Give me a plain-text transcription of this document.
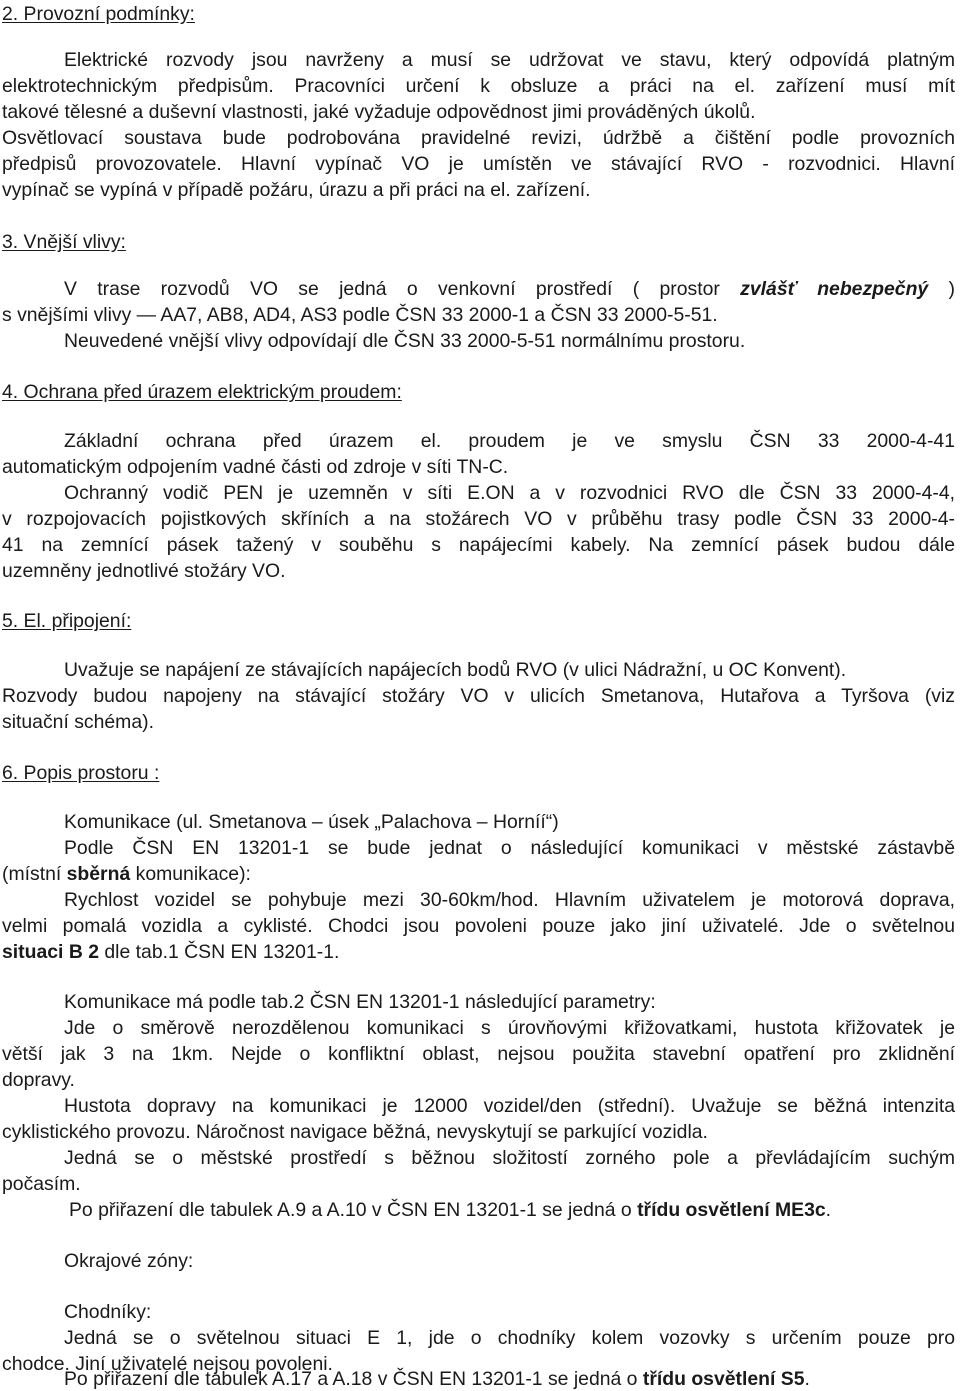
2. Provozní podmínky:
Elektrické rozvody jsou navrženy a musí se udržovat ve stavu, který odpovídá platným
elektrotechnickým předpisům. Pracovníci určení k obsluze a práci na el. zařízení musí mít
takové tělesné a duševní vlastnosti, jaké vyžaduje odpovědnost jimi prováděných úkolů.
Osvětlovací soustava bude podrobována pravidelné revizi, údržbě a čištění podle provozních
předpisů provozovatele. Hlavní vypínač VO je umístěn ve stávající RVO - rozvodnici. Hlavní
vypínač se vypíná v případě požáru, úrazu a při práci na el. zařízení.
3. Vnější vlivy:
V trase rozvodů VO se jedná o venkovní prostředí ( prostor zvlášť nebezpečný )
s vnějšími vlivy — AA7, AB8, AD4, AS3 podle ČSN 33 2000-1 a ČSN 33 2000-5-51.
Neuvedené vnější vlivy odpovídají dle ČSN 33 2000-5-51 normálnímu prostoru.
4. Ochrana před úrazem elektrickým proudem:
Základní ochrana před úrazem el. proudem je ve smyslu ČSN 33 2000-4-41
automatickým odpojením vadné části od zdroje v síti TN-C.
Ochranný vodič PEN je uzemněn v síti E.ON a v rozvodnici RVO dle ČSN 33 2000-4-4,
v rozpojovacích pojistkových skříních a na stožárech VO v průběhu trasy podle ČSN 33 2000-4-
41 na zemnící pásek tažený v souběhu s napájecími kabely. Na zemnící pásek budou dále
uzemněny jednotlivé stožáry VO.
5. El. připojení:
Uvažuje se napájení ze stávajících napájecích bodů RVO (v ulici Nádražní, u OC Konvent).
Rozvody budou napojeny na stávající stožáry VO v ulicích Smetanova, Hutařova a Tyršova (viz
situační schéma).
6. Popis prostoru :
Komunikace (ul. Smetanova – úsek „Palachova – Horníí“)
Podle ČSN EN 13201-1 se bude jednat o následující komunikaci v městské zástavbě
(místní sběrná komunikace):
Rychlost vozidel se pohybuje mezi 30-60km/hod. Hlavním uživatelem je motorová doprava,
velmi pomalá vozidla a cyklisté. Chodci jsou povoleni pouze jako jiní uživatelé. Jde o světelnou
situaci B 2 dle tab.1 ČSN EN 13201-1.
Komunikace má podle tab.2 ČSN EN 13201-1 následující parametry:
Jde o směrově nerozdělenou komunikaci s úrovňovými křižovatkami, hustota křižovatek je
větší jak 3 na 1km. Nejde o konfliktní oblast, nejsou použita stavební opatření pro zklidnění
dopravy.
Hustota dopravy na komunikaci je 12000 vozidel/den (střední). Uvažuje se běžná intenzita
cyklistického provozu. Náročnost navigace běžná, nevyskytují se parkující vozidla.
Jedná se o městské prostředí s běžnou složitostí zorného pole a převládajícím suchým
počasím.
Po přiřazení dle tabulek A.9 a A.10 v ČSN EN 13201-1 se jedná o třídu osvětlení ME3c.
Okrajové zóny:
Chodníky:
Jedná se o světelnou situaci E 1, jde o chodníky kolem vozovky s určením pouze pro
chodce. Jiní uživatelé nejsou povoleni.
Po přiřazení dle tabulek A.17 a A.18 v ČSN EN 13201-1 se jedná o třídu osvětlení S5.
